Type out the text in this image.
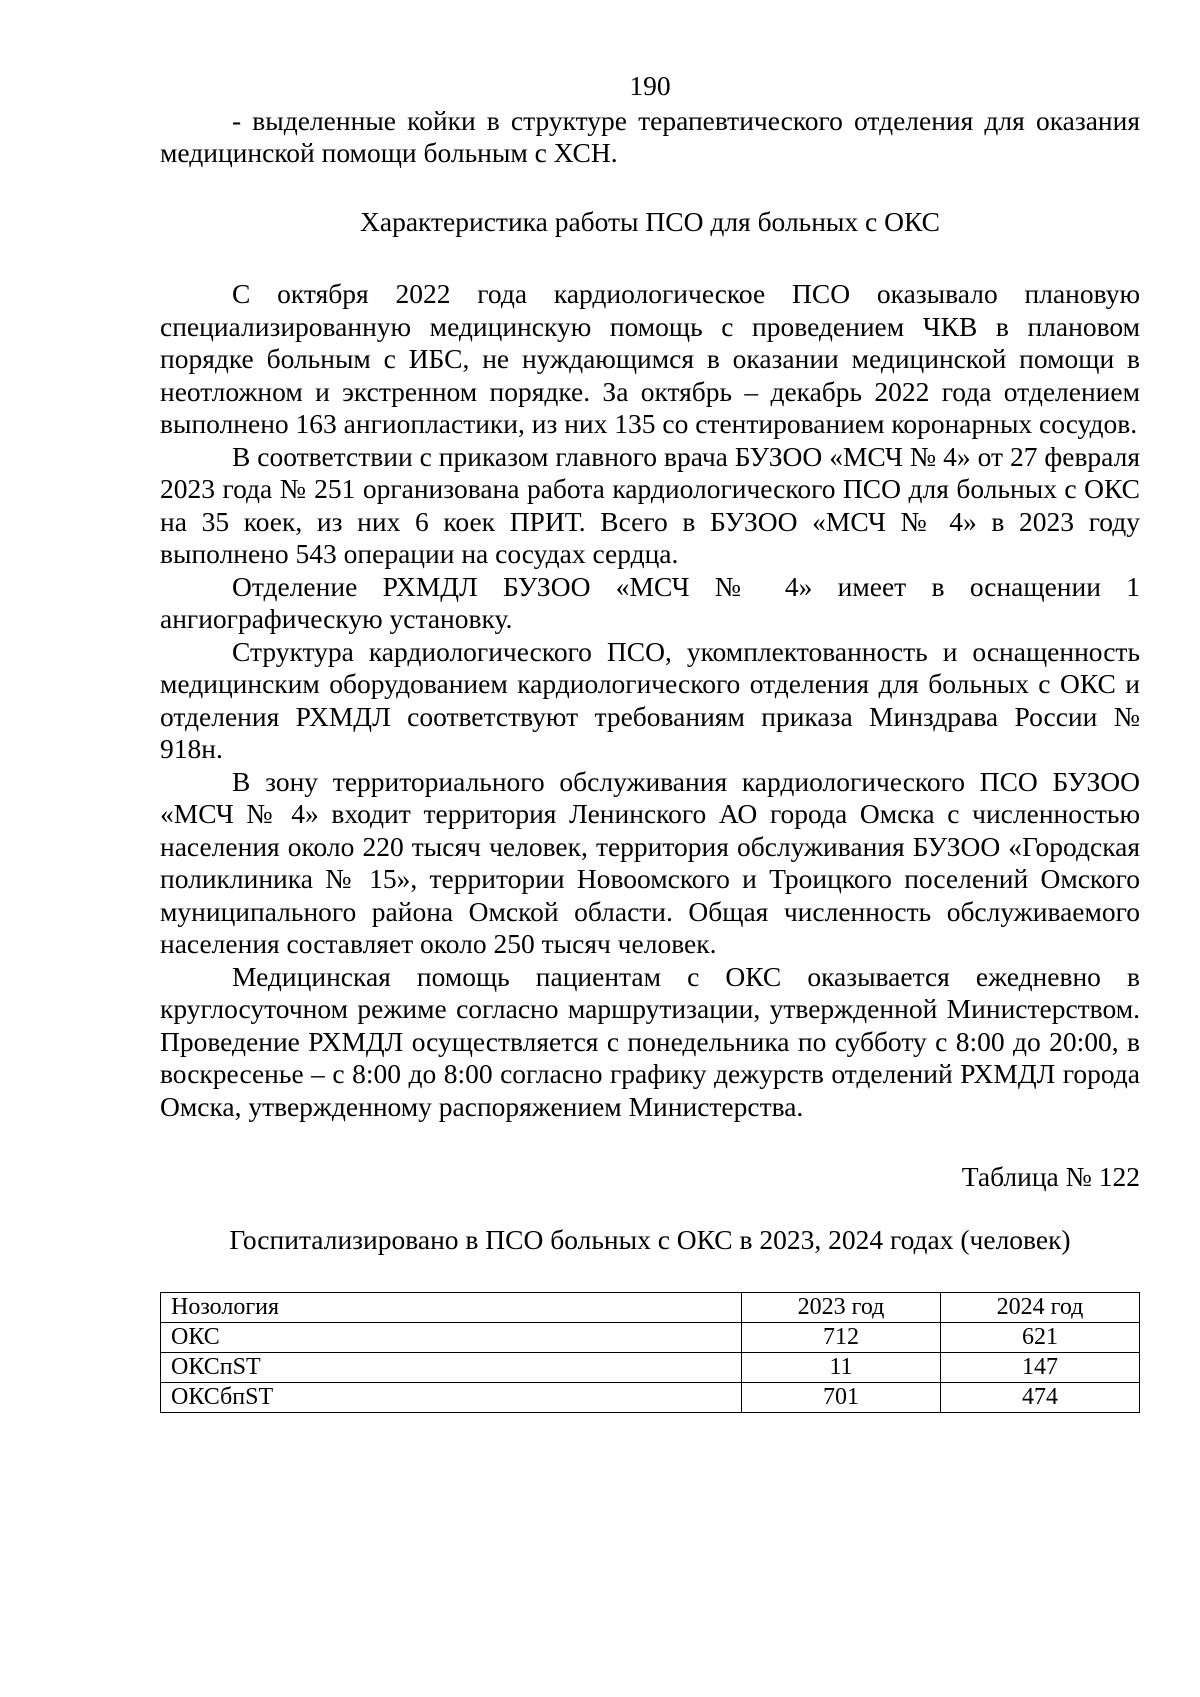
190

- выделенные койки в структуре терапевтического отделения для оказания медицинской помощи больным с ХСН.

Характеристика работы ПСО для больных с ОКС

С октября 2022 года кардиологическое ПСО оказывало плановую специализированную медицинскую помощь с проведением ЧКВ в плановом порядке больным с ИБС, не нуждающимся в оказании медицинской помощи в неотложном и экстренном порядке. За октябрь – декабрь 2022 года отделением выполнено 163 ангиопластики, из них 135 со стентированием коронарных сосудов.

В соответствии с приказом главного врача БУЗОО «МСЧ № 4» от 27 февраля 2023 года № 251 организована работа кардиологического ПСО для больных с ОКС на 35 коек, из них 6 коек ПРИТ. Всего в БУЗОО «МСЧ № 4» в 2023 году выполнено 543 операции на сосудах сердца.

Отделение РХМДЛ БУЗОО «МСЧ № 4» имеет в оснащении 1 ангиографическую установку.

Структура кардиологического ПСО, укомплектованность и оснащенность медицинским оборудованием кардиологического отделения для больных с ОКС и отделения РХМДЛ соответствуют требованиям приказа Минздрава России № 918н.

В зону территориального обслуживания кардиологического ПСО БУЗОО «МСЧ № 4» входит территория Ленинского АО города Омска с численностью населения около 220 тысяч человек, территория обслуживания БУЗОО «Городская поликлиника № 15», территории Новоомского и Троицкого поселений Омского муниципального района Омской области. Общая численность обслуживаемого населения составляет около 250 тысяч человек.

Медицинская помощь пациентам с ОКС оказывается ежедневно в круглосуточном режиме согласно маршрутизации, утвержденной Министерством. Проведение РХМДЛ осуществляется с понедельника по субботу с 8:00 до 20:00, в воскресенье – с 8:00 до 8:00 согласно графику дежурств отделений РХМДЛ города Омска, утвержденному распоряжением Министерства.

Таблица № 122
Госпитализировано в ПСО больных с ОКС в 2023, 2024 годах (человек)
Нозология	2023 год	2024 год
ОКС	712	621
ОКСпST	11	147
ОКСбпST	701	474
